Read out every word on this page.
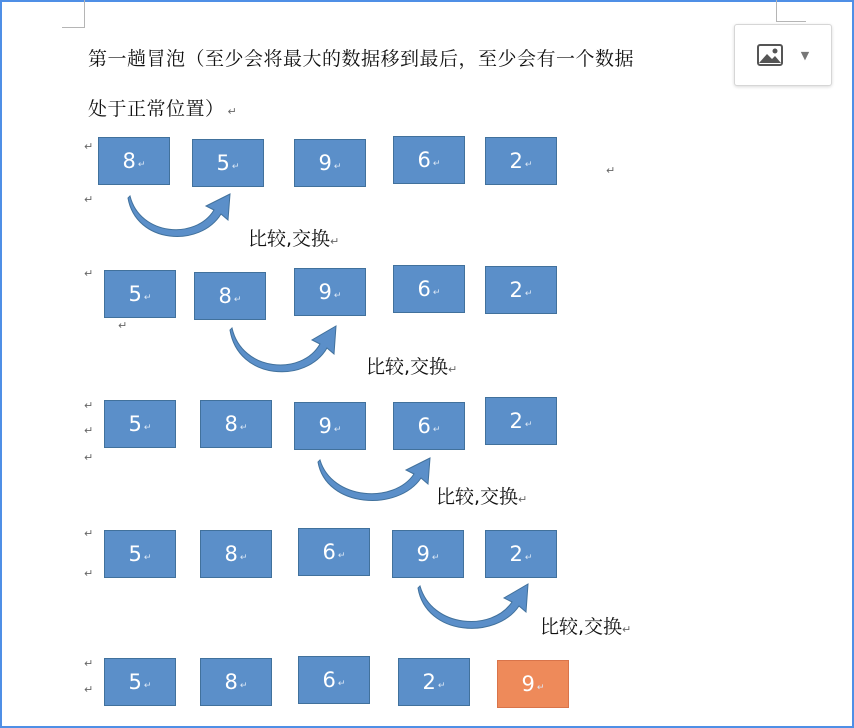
第一趟冒泡（至少会将最大的数据移到最后，至少会有一个数据
处于正常位置） ↵
▼
↵
↵
↵
↵
↵
↵
↵
↵
↵
↵
↵
↵
8 ↵	5 ↵	9 ↵	6 ↵	2 ↵
比较,交换↵
5 ↵	8 ↵	9 ↵	6 ↵	2 ↵
比较,交换↵
5 ↵	8 ↵	9 ↵	6 ↵	2 ↵
比较,交换↵
5 ↵	8 ↵	6 ↵	9 ↵	2 ↵
比较,交换↵
5 ↵	8 ↵	6 ↵	2 ↵	9 ↵
